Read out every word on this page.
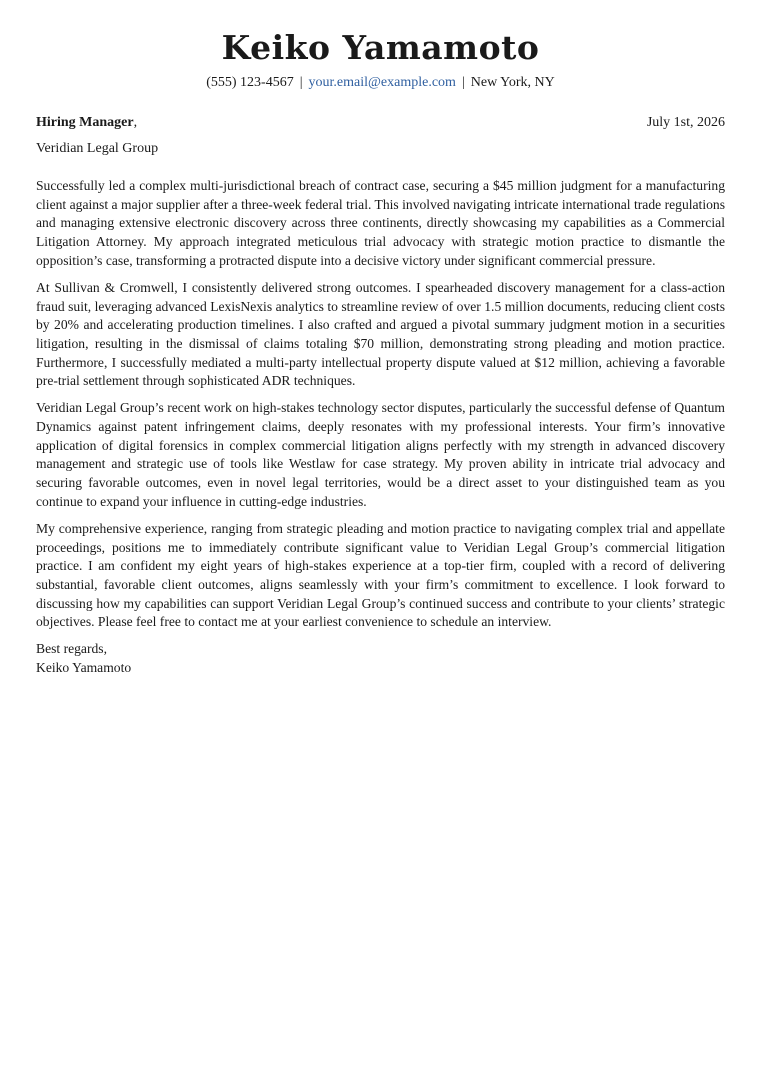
Keiko Yamamoto
(555) 123-4567 | your.email@example.com | New York, NY
Hiring Manager,	July 1st, 2026
Veridian Legal Group

Successfully led a complex multi-jurisdictional breach of contract case, securing a $45 million judgment for a manufacturing client against a major supplier after a three-week federal trial. This involved navigating intricate international trade regulations and managing extensive electronic discovery across three continents, directly showcasing my capabilities as a Commercial Litigation Attorney. My approach integrated meticulous trial advocacy with strategic motion practice to dismantle the opposition’s case, transforming a protracted dispute into a decisive victory under significant commercial pressure.

At Sullivan & Cromwell, I consistently delivered strong outcomes. I spearheaded discovery management for a class-action fraud suit, leveraging advanced LexisNexis analytics to streamline review of over 1.5 million documents, reducing client costs by 20% and accelerating production timelines. I also crafted and argued a pivotal summary judgment motion in a securities litigation, resulting in the dismissal of claims totaling $70 million, demonstrating strong pleading and motion practice. Furthermore, I successfully mediated a multi-party intellectual property dispute valued at $12 million, achieving a favorable pre-trial settlement through sophisticated ADR techniques.

Veridian Legal Group’s recent work on high-stakes technology sector disputes, particularly the successful defense of Quantum Dynamics against patent infringement claims, deeply resonates with my professional interests. Your firm’s innovative application of digital forensics in complex commercial litigation aligns perfectly with my strength in advanced discovery management and strategic use of tools like Westlaw for case strategy. My proven ability in intricate trial advocacy and securing favorable outcomes, even in novel legal territories, would be a direct asset to your distinguished team as you continue to expand your influence in cutting-edge industries.

My comprehensive experience, ranging from strategic pleading and motion practice to navigating complex trial and appellate proceedings, positions me to immediately contribute significant value to Veridian Legal Group’s commercial litigation practice. I am confident my eight years of high-stakes experience at a top-tier firm, coupled with a record of delivering substantial, favorable client outcomes, aligns seamlessly with your firm’s commitment to excellence. I look forward to discussing how my capabilities can support Veridian Legal Group’s continued success and contribute to your clients’ strategic objectives. Please feel free to contact me at your earliest convenience to schedule an interview.

Best regards,
Keiko Yamamoto
